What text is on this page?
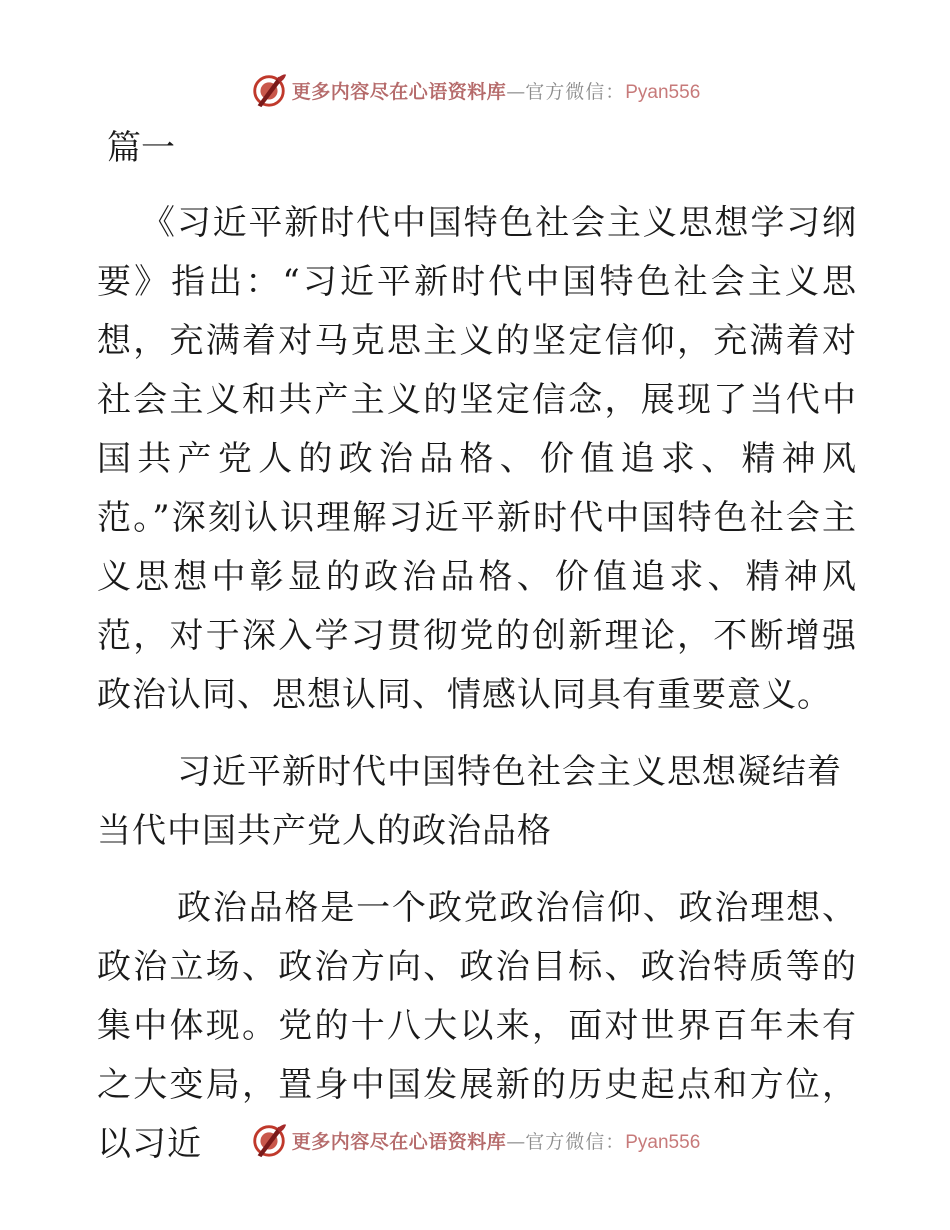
更多内容尽在心语资料库 — 官方微信： Pyan556
篇一

《习近平新时代中国特色社会主义思想学习纲要》指出：“习近平新时代中国特色社会主义思想，充满着对马克思主义的坚定信仰，充满着对社会主义和共产主义的坚定信念，展现了当代中国共产党人的政治品格、价值追求、精神风范。”深刻认识理解习近平新时代中国特色社会主义思想中彰显的政治品格、价值追求、精神风范，对于深入学习贯彻党的创新理论，不断增强政治认同、思想认同、情感认同具有重要意义。

习近平新时代中国特色社会主义思想凝结着当代中国共产党人的政治品格

政治品格是一个政党政治信仰、政治理想、政治立场、政治方向、政治目标、政治特质等的集中体现。党的十八大以来，面对世界百年未有之大变局，置身中国发展新的历史起点和方位，以习近	更多内容尽在心语资料库 — 官方微信： Pyan556
